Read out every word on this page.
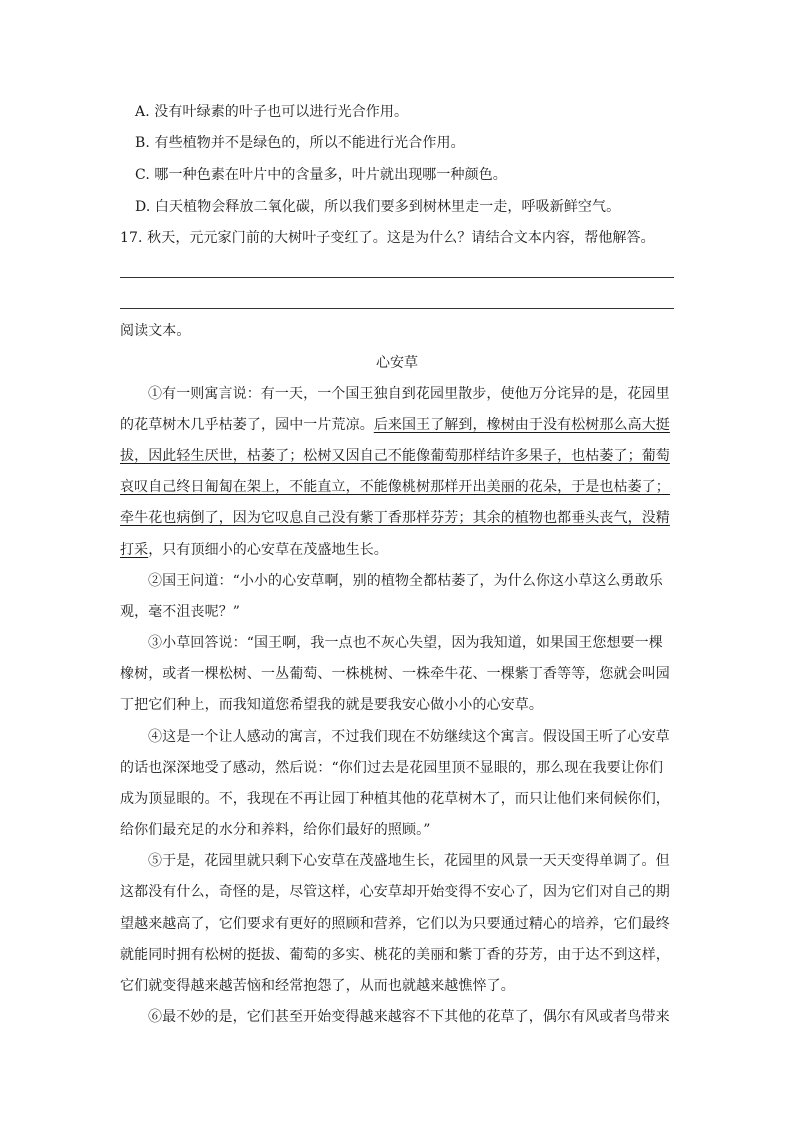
A. 没有叶绿素的叶子也可以进行光合作用。
B. 有些植物并不是绿色的，所以不能进行光合作用。
C. 哪一种色素在叶片中的含量多，叶片就出现哪一种颜色。
D. 白天植物会释放二氧化碳，所以我们要多到树林里走一走，呼吸新鲜空气。
17. 秋天，元元家门前的大树叶子变红了。这是为什么？请结合文本内容，帮他解答。
阅读文本。
心安草
①有一则寓言说：有一天，一个国王独自到花园里散步，使他万分诧异的是，花园里
的花草树木几乎枯萎了，园中一片荒凉。后来国王了解到，橡树由于没有松树那么高大挺
拔，因此轻生厌世，枯萎了；松树又因自己不能像葡萄那样结许多果子，也枯萎了；葡萄
哀叹自己终日匍匐在架上，不能直立，不能像桃树那样开出美丽的花朵，于是也枯萎了；
牵牛花也病倒了，因为它叹息自己没有紫丁香那样芬芳；其余的植物也都垂头丧气，没精
打采，只有顶细小的心安草在茂盛地生长。
②国王问道：“小小的心安草啊，别的植物全都枯萎了，为什么你这小草这么勇敢乐
观，毫不沮丧呢？”
③小草回答说：“国王啊，我一点也不灰心失望，因为我知道，如果国王您想要一棵
橡树，或者一棵松树、一丛葡萄、一株桃树、一株牵牛花、一棵紫丁香等等，您就会叫园
丁把它们种上，而我知道您希望我的就是要我安心做小小的心安草。
④这是一个让人感动的寓言，不过我们现在不妨继续这个寓言。假设国王听了心安草
的话也深深地受了感动，然后说：“你们过去是花园里顶不显眼的，那么现在我要让你们
成为顶显眼的。不，我现在不再让园丁种植其他的花草树木了，而只让他们来伺候你们，
给你们最充足的水分和养料，给你们最好的照顾。”
⑤于是，花园里就只剩下心安草在茂盛地生长，花园里的风景一天天变得单调了。但
这都没有什么，奇怪的是，尽管这样，心安草却开始变得不安心了，因为它们对自己的期
望越来越高了，它们要求有更好的照顾和营养，它们以为只要通过精心的培养，它们最终
就能同时拥有松树的挺拔、葡萄的多实、桃花的美丽和紫丁香的芬芳，由于达不到这样，
它们就变得越来越苦恼和经常抱怨了，从而也就越来越憔悴了。
⑥最不妙的是，它们甚至开始变得越来越容不下其他的花草了，偶尔有风或者鸟带来
